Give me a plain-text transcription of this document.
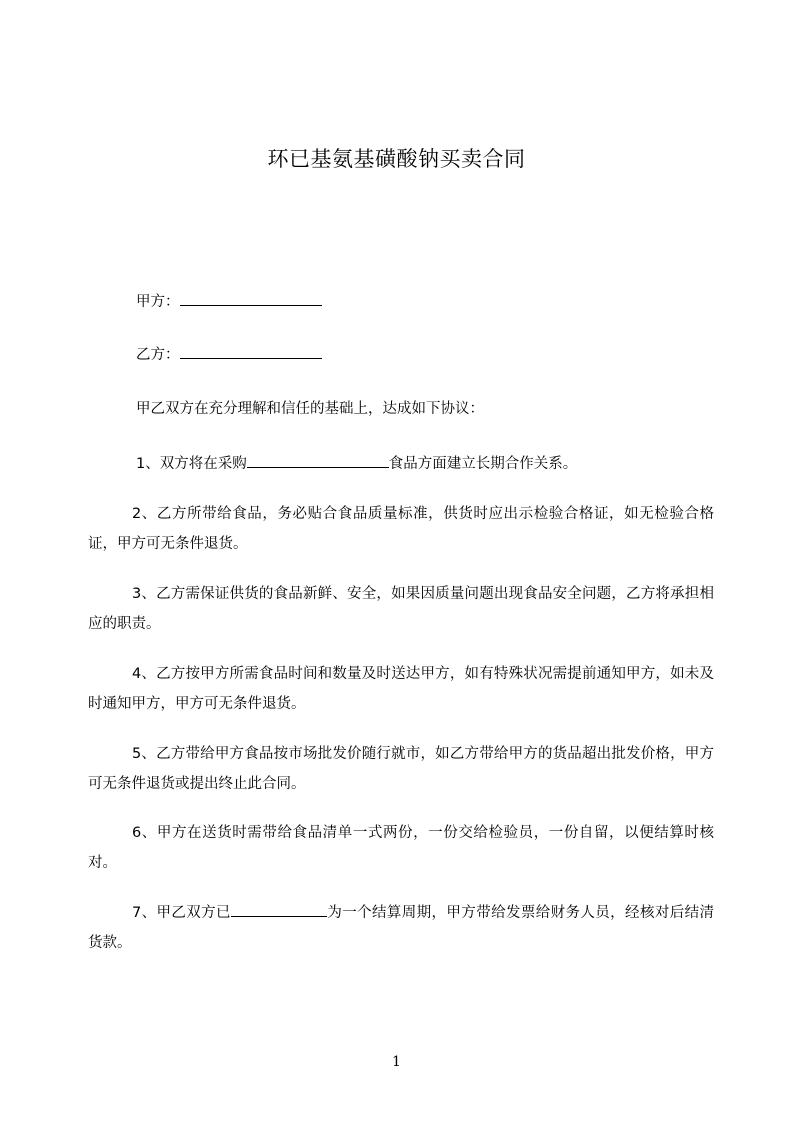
环已基氨基磺酸钠买卖合同
甲方：
乙方：
甲乙双方在充分理解和信任的基础上，达成如下协议：
1、双方将在采购	食品方面建立长期合作关系。
2、乙方所带给食品，务必贴合食品质量标准，供货时应出示检验合格证，如无检验合格证，甲方可无条件退货。
3、乙方需保证供货的食品新鲜、安全，如果因质量问题出现食品安全问题，乙方将承担相应的职责。
4、乙方按甲方所需食品时间和数量及时送达甲方，如有特殊状况需提前通知甲方，如未及时通知甲方，甲方可无条件退货。
5、乙方带给甲方食品按市场批发价随行就市，如乙方带给甲方的货品超出批发价格，甲方可无条件退货或提出终止此合同。
6、甲方在送货时需带给食品清单一式两份，一份交给检验员，一份自留，以便结算时核对。
7、甲乙双方已	为一个结算周期，甲方带给发票给财务人员，经核对后结清货款。
1
